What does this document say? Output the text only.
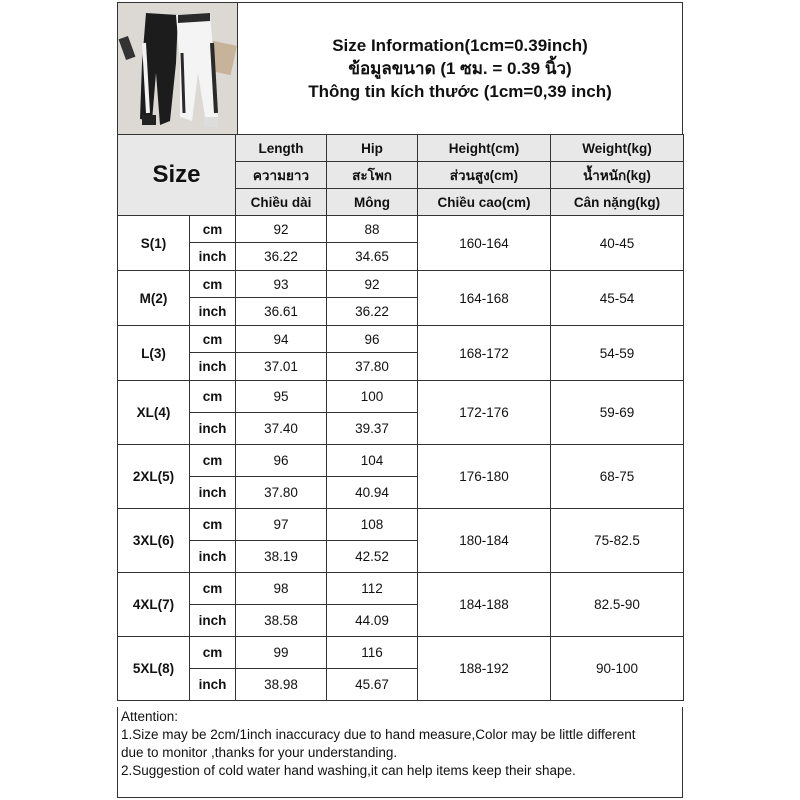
Size Information(1cm=0.39inch)
ข้อมูลขนาด (1 ซม. = 0.39 นิ้ว)
Thông tin kích thước (1cm=0,39 inch)
Size		Length	Hip	Height(cm)	Weight(kg)
		ความยาว	สะโพก	ส่วนสูง(cm)	น้ำหนัก(kg)
		Chiều dài	Mông	Chiều cao(cm)	Cân nặng(kg)
S(1)	cm	92	88	160-164	40-45
	inch	36.22	34.65		
M(2)	cm	93	92	164-168	45-54
	inch	36.61	36.22		
L(3)	cm	94	96	168-172	54-59
	inch	37.01	37.80		
XL(4)	cm	95	100	172-176	59-69
	inch	37.40	39.37		
2XL(5)	cm	96	104	176-180	68-75
	inch	37.80	40.94		
3XL(6)	cm	97	108	180-184	75-82.5
	inch	38.19	42.52		
4XL(7)	cm	98	112	184-188	82.5-90
	inch	38.58	44.09		
5XL(8)	cm	99	116	188-192	90-100
	inch	38.98	45.67		
Attention:
1.Size may be 2cm/1inch inaccuracy due to hand measure,Color may be little different
due to monitor ,thanks for your understanding.
2.Suggestion of cold water hand washing,it can help items keep their shape.
